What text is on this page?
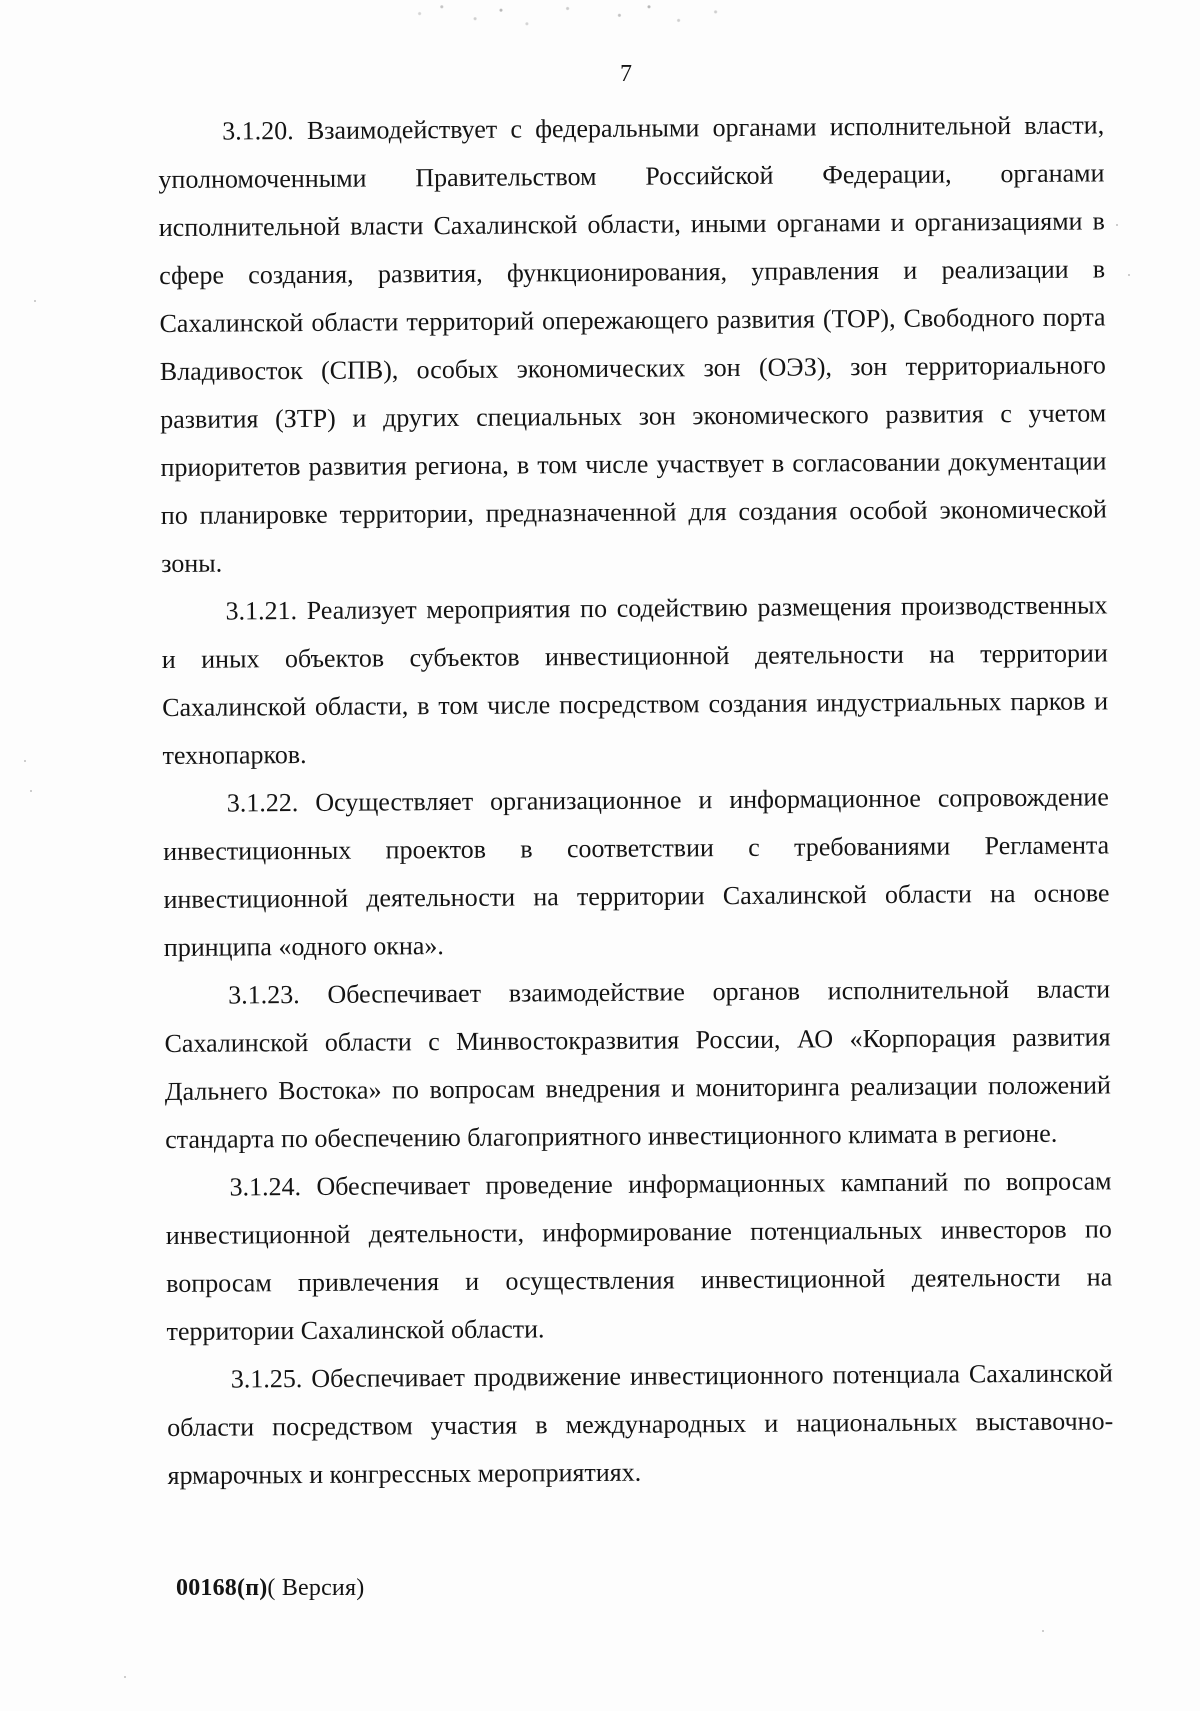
7

3.1.20. Взаимодействует с федеральными органами исполнительной власти, уполномоченными Правительством Российской Федерации, органами исполнительной власти Сахалинской области, иными органами и организациями в сфере создания, развития, функционирования, управления и реализации в Сахалинской области территорий опережающего развития (ТОР), Свободного порта Владивосток (СПВ), особых экономических зон (ОЭЗ), зон территориального развития (ЗТР) и других специальных зон экономического развития с учетом приоритетов развития региона, в том числе участвует в согласовании документации по планировке территории, предназначенной для создания особой экономической зоны.

3.1.21. Реализует мероприятия по содействию размещения производственных и иных объектов субъектов инвестиционной деятельности на территории Сахалинской области, в том числе посредством создания индустриальных парков и технопарков.

3.1.22. Осуществляет организационное и информационное сопровождение инвестиционных проектов в соответствии с требованиями Регламента инвестиционной деятельности на территории Сахалинской области на основе принципа «одного окна».

3.1.23. Обеспечивает взаимодействие органов исполнительной власти Сахалинской области с Минвостокразвития России, АО «Корпорация развития Дальнего Востока» по вопросам внедрения и мониторинга реализации положений стандарта по обеспечению благоприятного инвестиционного климата в регионе.

3.1.24. Обеспечивает проведение информационных кампаний по вопросам инвестиционной деятельности, информирование потенциальных инвесторов по вопросам привлечения и осуществления инвестиционной деятельности на территории Сахалинской области.

3.1.25. Обеспечивает продвижение инвестиционного потенциала Сахалинской области посредством участия в международных и национальных выставочно-ярмарочных и конгрессных мероприятиях.

00168(п)( Версия)
